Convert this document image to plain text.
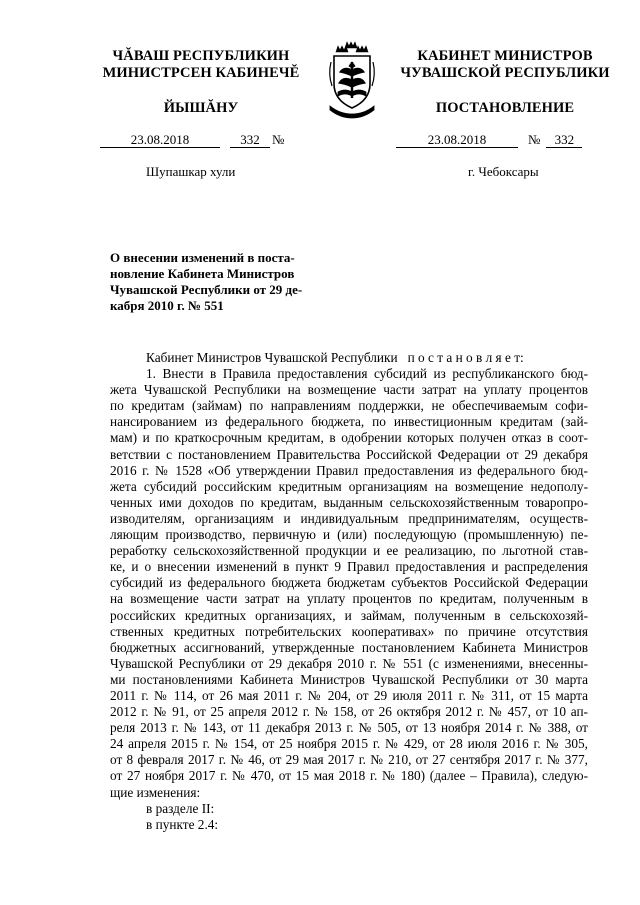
ЧĂВАШ РЕСПУБЛИКИН
МИНИСТРСЕН КАБИНЕЧĔ
ЙЫШĂНУ
КАБИНЕТ МИНИСТРОВ
ЧУВАШСКОЙ РЕСПУБЛИКИ
ПОСТАНОВЛЕНИЕ
23.08.2018	332 №	23.08.2018	№ 332
Шупашкар хули	г. Чебоксары
О внесении изменений в поста-
новление Кабинета Министров
Чувашской Республики от 29 де-
кабря 2010 г. № 551
Кабинет Министров Чувашской Республики п о с т а н о в л я е т:
1. Внести в Правила предоставления субсидий из республиканского бюд-
жета Чувашской Республики на возмещение части затрат на уплату процентов
по кредитам (займам) по направлениям поддержки, не обеспечиваемым софи-
нансированием из федерального бюджета, по инвестиционным кредитам (зай-
мам) и по краткосрочным кредитам, в одобрении которых получен отказ в соот-
ветствии с постановлением Правительства Российской Федерации от 29 декабря
2016 г. № 1528 «Об утверждении Правил предоставления из федерального бюд-
жета субсидий российским кредитным организациям на возмещение недополу-
ченных ими доходов по кредитам, выданным сельскохозяйственным товаропро-
изводителям, организациям и индивидуальным предпринимателям, осуществ-
ляющим производство, первичную и (или) последующую (промышленную) пе-
реработку сельскохозяйственной продукции и ее реализацию, по льготной став-
ке, и о внесении изменений в пункт 9 Правил предоставления и распределения
субсидий из федерального бюджета бюджетам субъектов Российской Федерации
на возмещение части затрат на уплату процентов по кредитам, полученным в
российских кредитных организациях, и займам, полученным в сельскохозяй-
ственных кредитных потребительских кооперативах» по причине отсутствия
бюджетных ассигнований, утвержденные постановлением Кабинета Министров
Чувашской Республики от 29 декабря 2010 г. № 551 (с изменениями, внесенны-
ми постановлениями Кабинета Министров Чувашской Республики от 30 марта
2011 г. № 114, от 26 мая 2011 г. № 204, от 29 июля 2011 г. № 311, от 15 марта
2012 г. № 91, от 25 апреля 2012 г. № 158, от 26 октября 2012 г. № 457, от 10 ап-
реля 2013 г. № 143, от 11 декабря 2013 г. № 505, от 13 ноября 2014 г. № 388, от
24 апреля 2015 г. № 154, от 25 ноября 2015 г. № 429, от 28 июля 2016 г. № 305,
от 8 февраля 2017 г. № 46, от 29 мая 2017 г. № 210, от 27 сентября 2017 г. № 377,
от 27 ноября 2017 г. № 470, от 15 мая 2018 г. № 180) (далее – Правила), следую-
щие изменения:
в разделе II:
в пункте 2.4:
